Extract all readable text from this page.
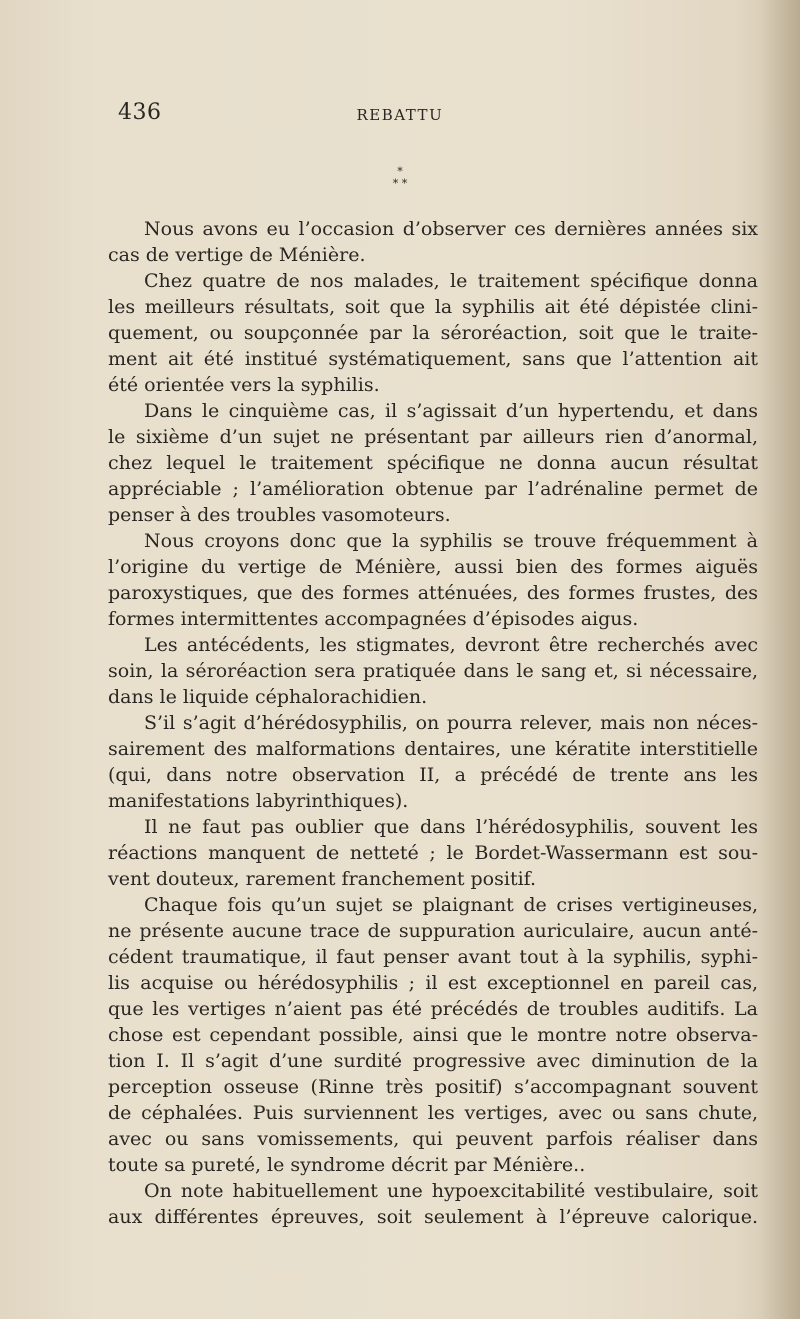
436	REBATTU
*
* *
Nous avons eu l’occasion d’observer ces dernières années six
cas de vertige de Ménière.
Chez quatre de nos malades, le traitement spécifique donna
les meilleurs résultats, soit que la syphilis ait été dépistée clini-
quement, ou soupçonnée par la séroréaction, soit que le traite-
ment ait été institué systématiquement, sans que l’attention ait
été orientée vers la syphilis.
Dans le cinquième cas, il s’agissait d’un hypertendu, et dans
le sixième d’un sujet ne présentant par ailleurs rien d’anormal,
chez lequel le traitement spécifique ne donna aucun résultat
appréciable ; l’amélioration obtenue par l’adrénaline permet de
penser à des troubles vasomoteurs.
Nous croyons donc que la syphilis se trouve fréquemment à
l’origine du vertige de Ménière, aussi bien des formes aiguës
paroxystiques, que des formes atténuées, des formes frustes, des
formes intermittentes accompagnées d’épisodes aigus.
Les antécédents, les stigmates, devront être recherchés avec
soin, la séroréaction sera pratiquée dans le sang et, si nécessaire,
dans le liquide céphalorachidien.
S’il s’agit d’hérédosyphilis, on pourra relever, mais non néces-
sairement des malformations dentaires, une kératite interstitielle
(qui, dans notre observation II, a précédé de trente ans les
manifestations labyrinthiques).
Il ne faut pas oublier que dans l’hérédosyphilis, souvent les
réactions manquent de netteté ; le Bordet-Wassermann est sou-
vent douteux, rarement franchement positif.
Chaque fois qu’un sujet se plaignant de crises vertigineuses,
ne présente aucune trace de suppuration auriculaire, aucun anté-
cédent traumatique, il faut penser avant tout à la syphilis, syphi-
lis acquise ou hérédosyphilis ; il est exceptionnel en pareil cas,
que les vertiges n’aient pas été précédés de troubles auditifs. La
chose est cependant possible, ainsi que le montre notre observa-
tion I. Il s’agit d’une surdité progressive avec diminution de la
perception osseuse (Rinne très positif) s’accompagnant souvent
de céphalées. Puis surviennent les vertiges, avec ou sans chute,
avec ou sans vomissements, qui peuvent parfois réaliser dans
toute sa pureté, le syndrome décrit par Ménière..
On note habituellement une hypoexcitabilité vestibulaire, soit
aux différentes épreuves, soit seulement à l’épreuve calorique.
